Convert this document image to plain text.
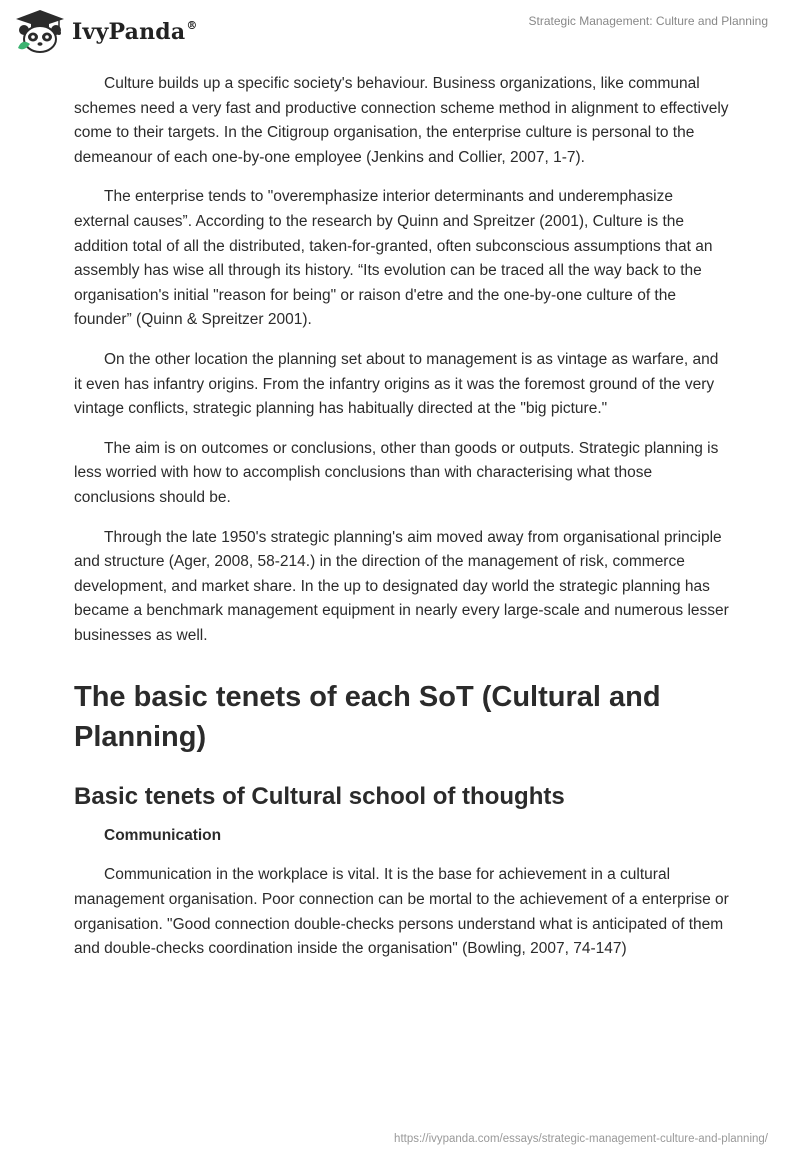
IvyPanda®	Strategic Management: Culture and Planning

Culture builds up a specific society's behaviour. Business organizations, like communal schemes need a very fast and productive connection scheme method in alignment to effectively come to their targets. In the Citigroup organisation, the enterprise culture is personal to the demeanour of each one-by-one employee (Jenkins and Collier, 2007, 1-7).

The enterprise tends to "overemphasize interior determinants and underemphasize external causes”. According to the research by Quinn and Spreitzer (2001), Culture is the addition total of all the distributed, taken-for-granted, often subconscious assumptions that an assembly has wise all through its history. “Its evolution can be traced all the way back to the organisation's initial "reason for being" or raison d'etre and the one-by-one culture of the founder” (Quinn & Spreitzer 2001).

On the other location the planning set about to management is as vintage as warfare, and it even has infantry origins. From the infantry origins as it was the foremost ground of the very vintage conflicts, strategic planning has habitually directed at the "big picture."

The aim is on outcomes or conclusions, other than goods or outputs. Strategic planning is less worried with how to accomplish conclusions than with characterising what those conclusions should be.

Through the late 1950's strategic planning's aim moved away from organisational principle and structure (Ager, 2008, 58-214.) in the direction of the management of risk, commerce development, and market share. In the up to designated day world the strategic planning has became a benchmark management equipment in nearly every large-scale and numerous lesser businesses as well.

The basic tenets of each SoT (Cultural and Planning)
Basic tenets of Cultural school of thoughts
Communication

Communication in the workplace is vital. It is the base for achievement in a cultural management organisation. Poor connection can be mortal to the achievement of a enterprise or organisation. "Good connection double-checks persons understand what is anticipated of them and double-checks coordination inside the organisation" (Bowling, 2007, 74-147)

https://ivypanda.com/essays/strategic-management-culture-and-planning/
